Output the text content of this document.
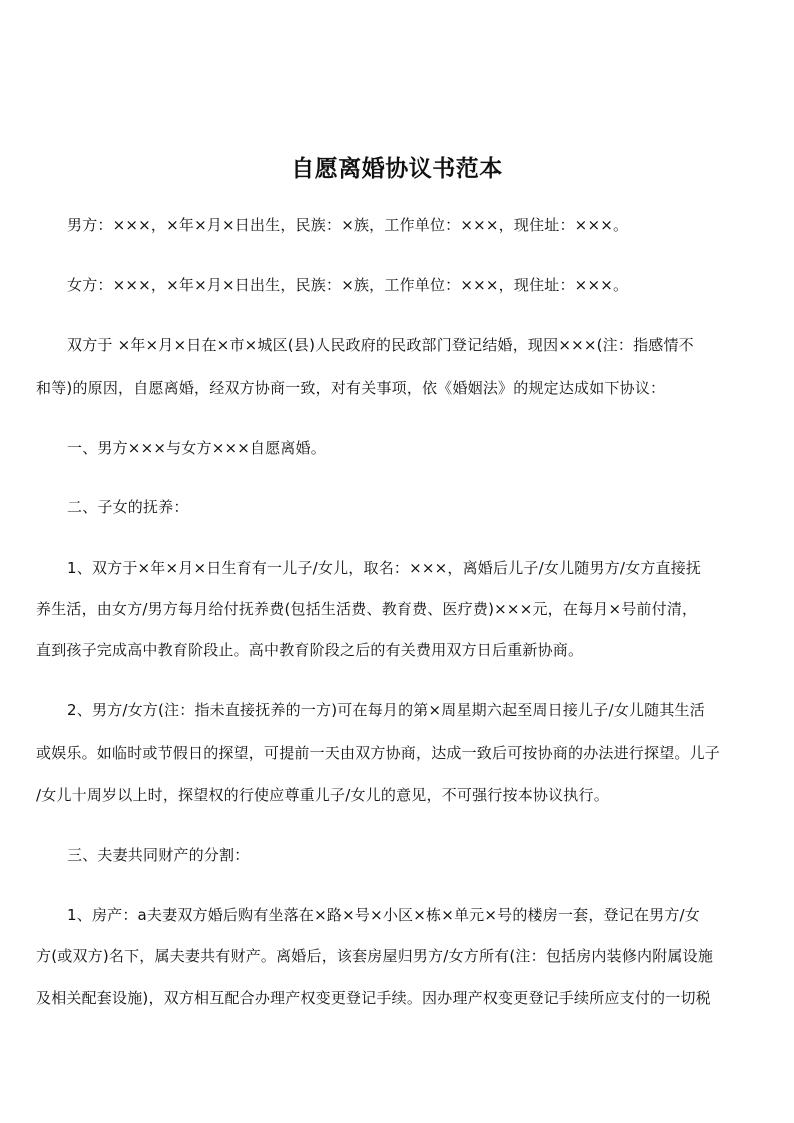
自愿离婚协议书范本
男方：×××，×年×月×日出生，民族：×族，工作单位：×××，现住址：×××。
女方：×××，×年×月×日出生，民族：×族，工作单位：×××，现住址：×××。
双方于 ×年×月×日在×市×城区(县)人民政府的民政部门登记结婚，现因×××(注：指感情不
和等)的原因，自愿离婚，经双方协商一致，对有关事项，依《婚姻法》的规定达成如下协议：
一、男方×××与女方×××自愿离婚。
二、子女的抚养：
1、双方于×年×月×日生育有一儿子/女儿，取名：×××，离婚后儿子/女儿随男方/女方直接抚
养生活，由女方/男方每月给付抚养费(包括生活费、教育费、医疗费)×××元，在每月×号前付清，
直到孩子完成高中教育阶段止。高中教育阶段之后的有关费用双方日后重新协商。
2、男方/女方(注：指未直接抚养的一方)可在每月的第×周星期六起至周日接儿子/女儿随其生活
或娱乐。如临时或节假日的探望，可提前一天由双方协商，达成一致后可按协商的办法进行探望。儿子
/女儿十周岁以上时，探望权的行使应尊重儿子/女儿的意见，不可强行按本协议执行。
三、夫妻共同财产的分割：
1、房产：a夫妻双方婚后购有坐落在×路×号×小区×栋×单元×号的楼房一套，登记在男方/女
方(或双方)名下，属夫妻共有财产。离婚后，该套房屋归男方/女方所有(注：包括房内装修内附属设施
及相关配套设施)，双方相互配合办理产权变更登记手续。因办理产权变更登记手续所应支付的一切税
